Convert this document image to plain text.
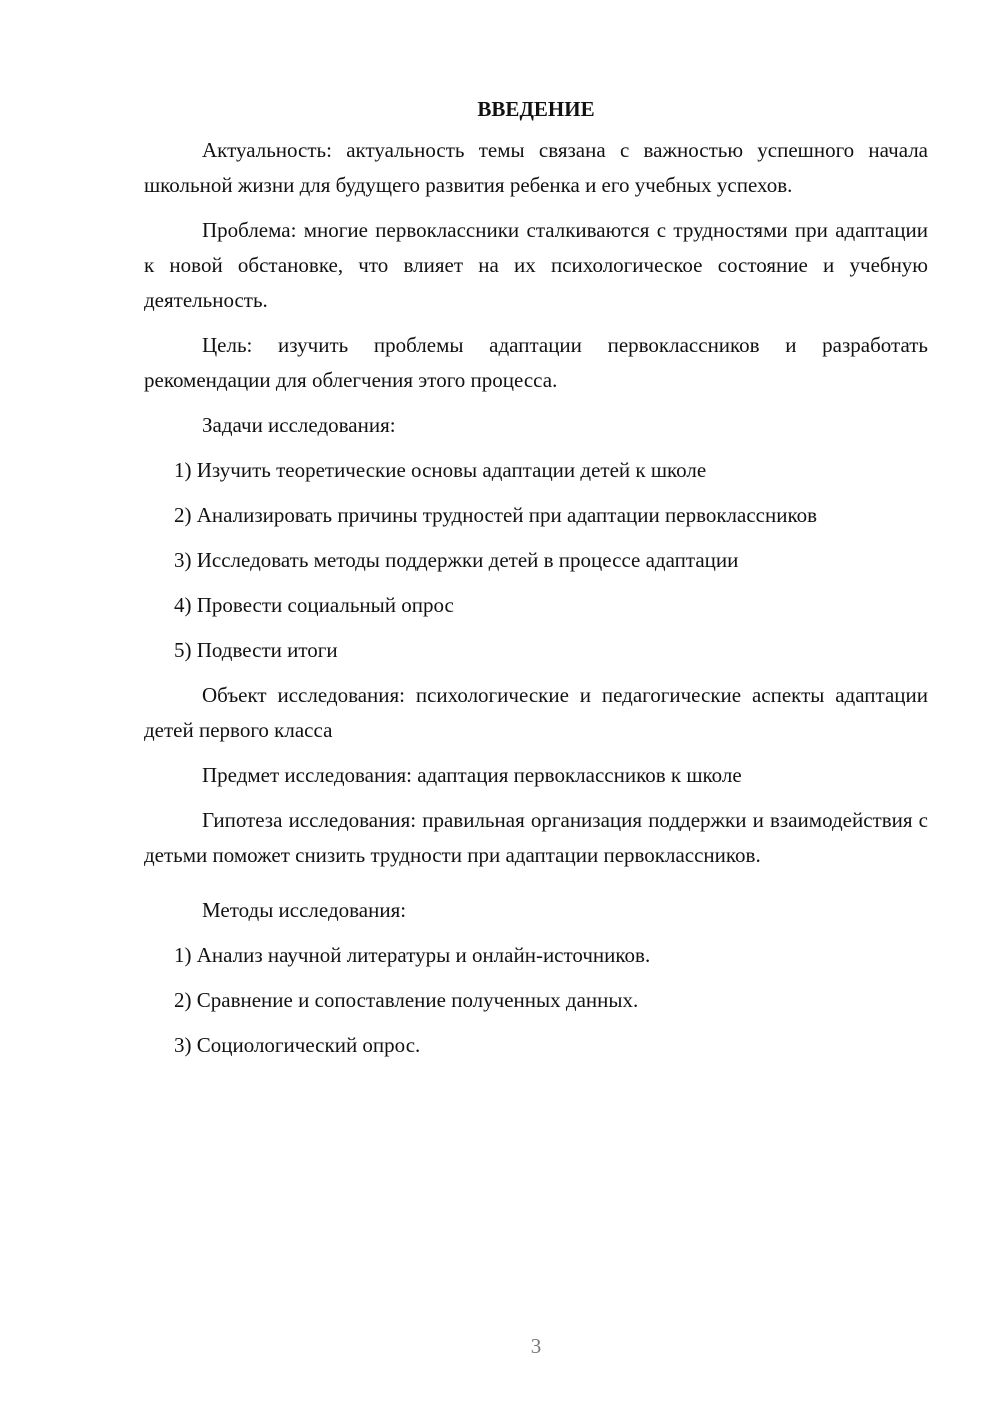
ВВЕДЕНИЕ

Актуальность: актуальность темы связана с важностью успешного начала школьной жизни для будущего развития ребенка и его учебных успехов.

Проблема: многие первоклассники сталкиваются с трудностями при адаптации к новой обстановке, что влияет на их психологическое состояние и учебную деятельность.

Цель: изучить проблемы адаптации первоклассников и разработать рекомендации для облегчения этого процесса.

Задачи исследования:
1) Изучить теоретические основы адаптации детей к школе

2) Анализировать причины трудностей при адаптации первоклассников

3) Исследовать методы поддержки детей в процессе адаптации
4) Провести социальный опрос
5) Подвести итоги

Объект исследования: психологические и педагогические аспекты адаптации детей первого класса

Предмет исследования: адаптация первоклассников к школе

Гипотеза исследования: правильная организация поддержки и взаимодействия с детьми поможет снизить трудности при адаптации первоклассников.

Методы исследования:
1) Анализ научной литературы и онлайн-источников.
2) Сравнение и сопоставление полученных данных.
3) Социологический опрос.
3
